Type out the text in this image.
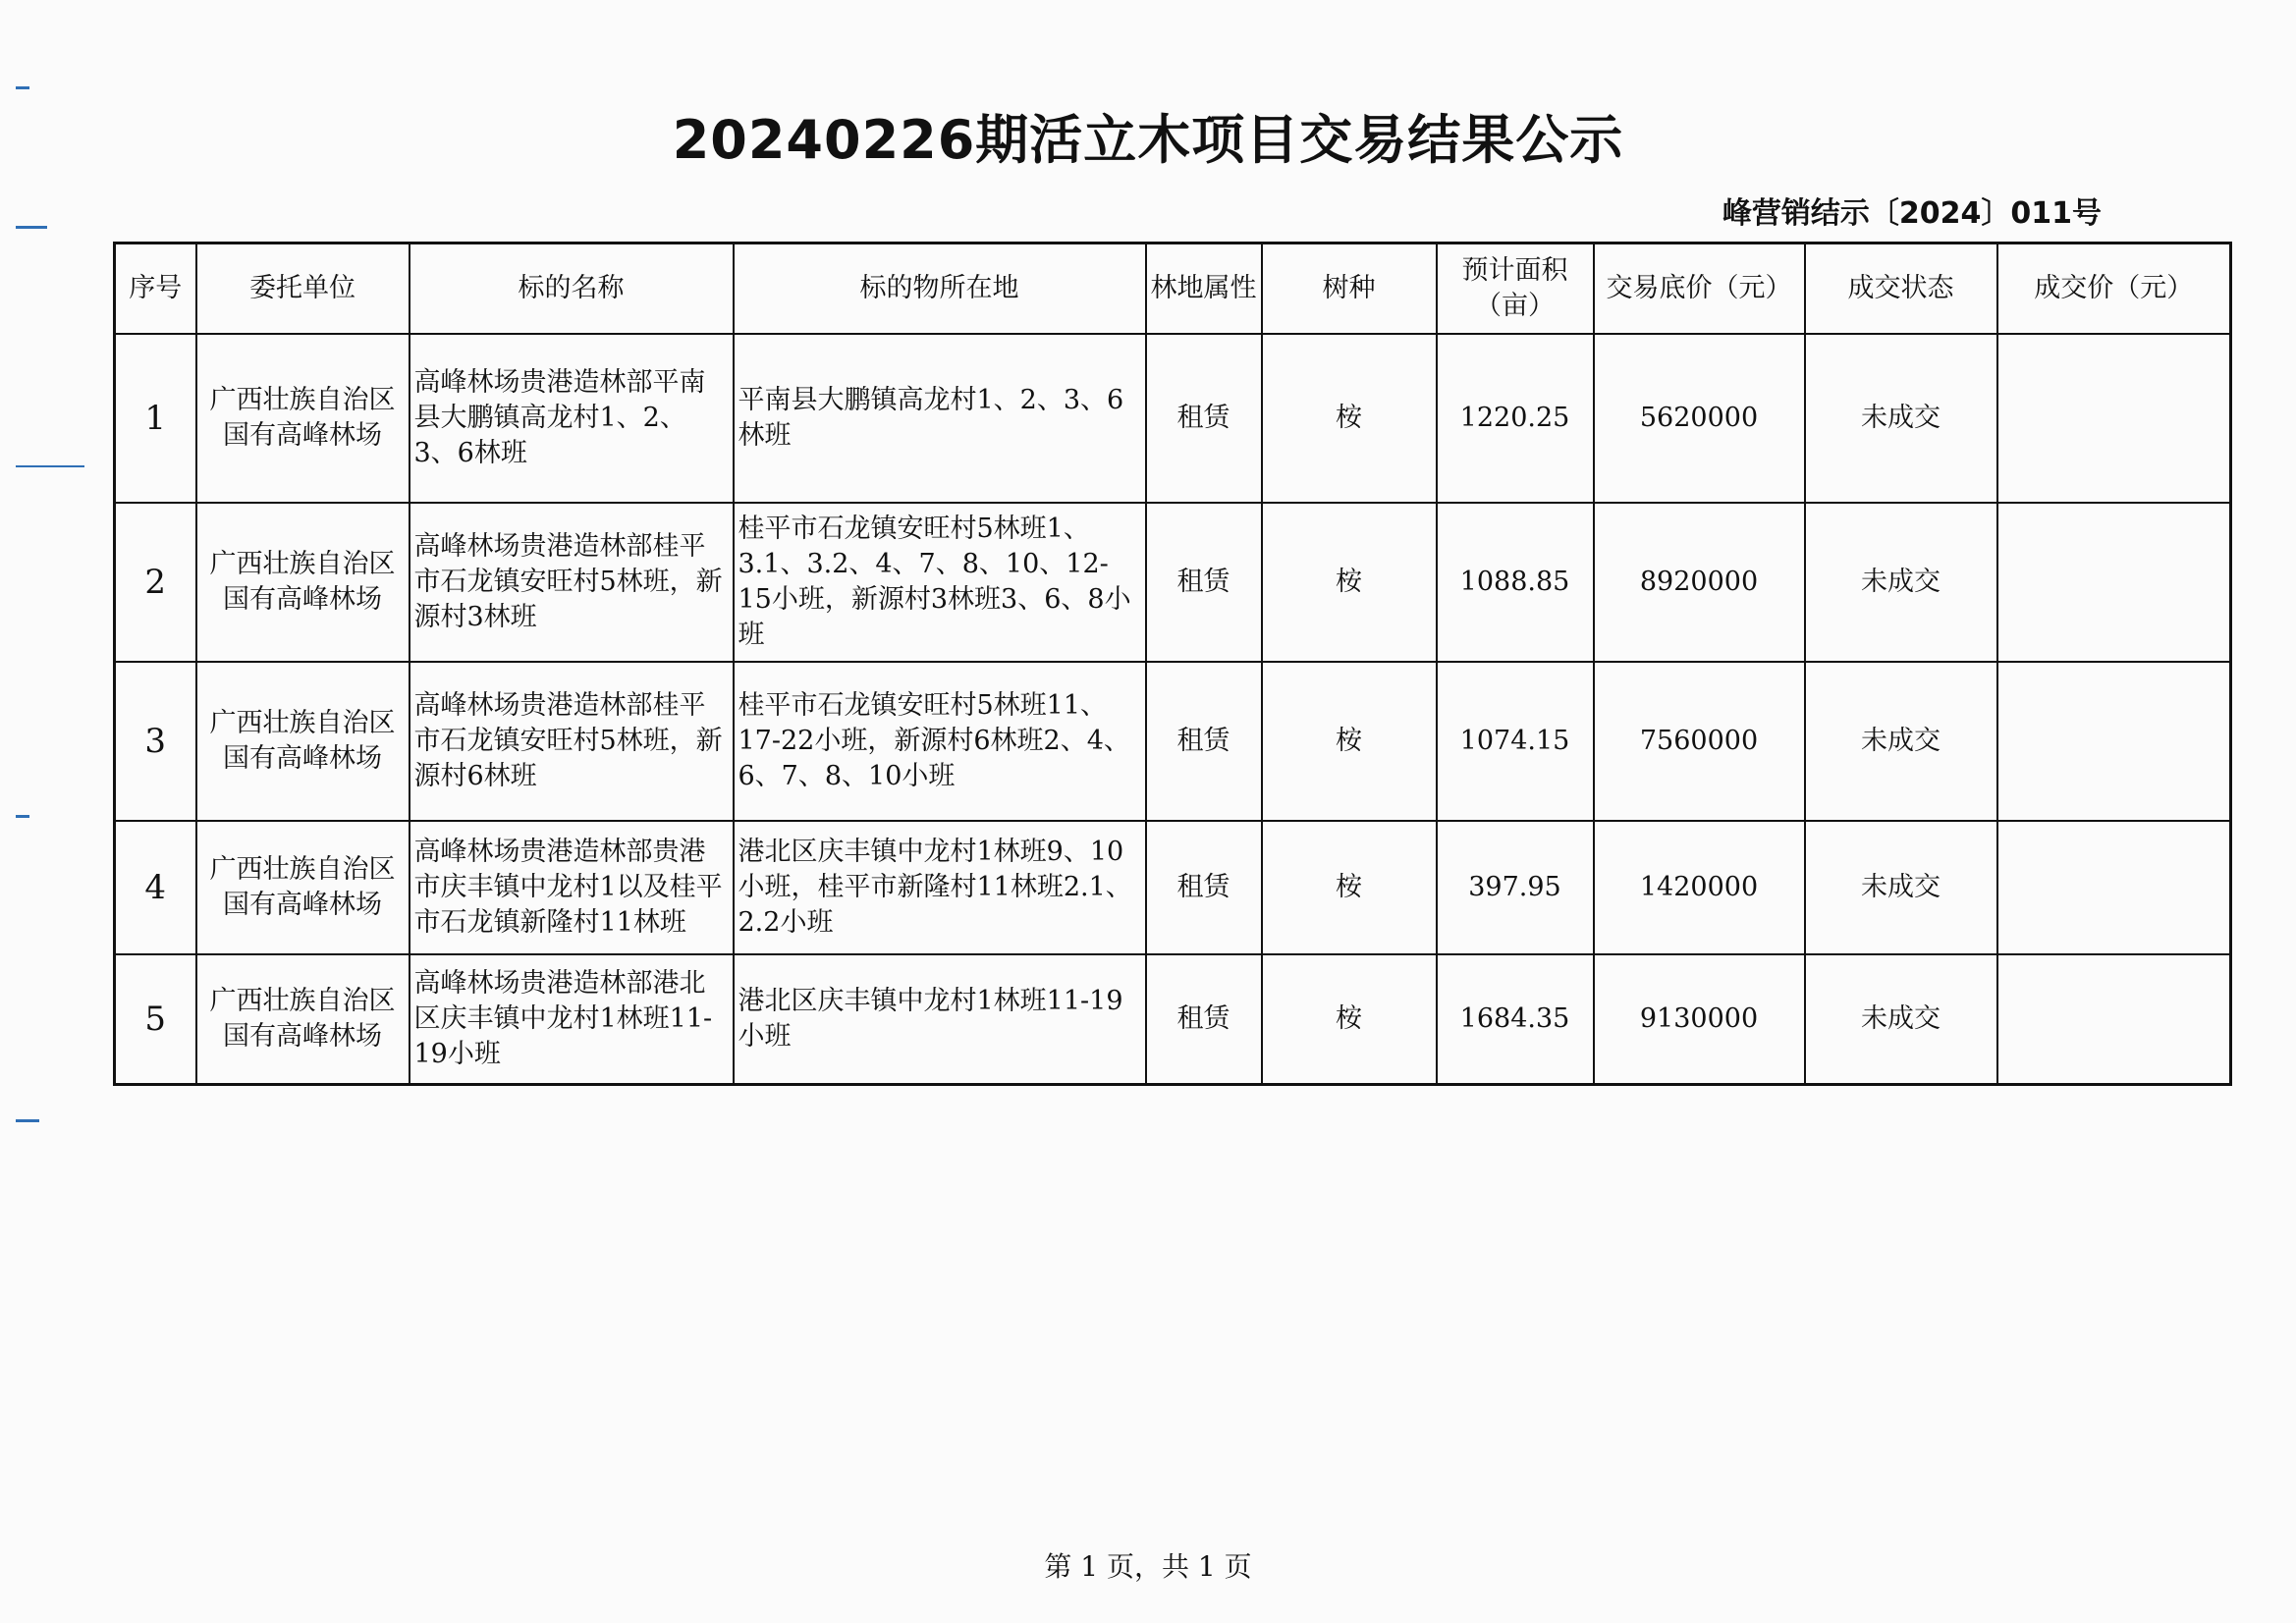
20240226期活立木项目交易结果公示
峰营销结示〔2024〕011号
序号	委托单位	标的名称	标的物所在地	林地属性	树种	预计面积（亩）	交易底价（元）	成交状态	成交价（元）
1	广西壮族自治区国有高峰林场	高峰林场贵港造林部平南县大鹏镇高龙村1、2、3、6林班	平南县大鹏镇高龙村1、2、3、6林班	租赁	桉	1220.25	5620000	未成交	
2	广西壮族自治区国有高峰林场	高峰林场贵港造林部桂平市石龙镇安旺村5林班，新源村3林班	桂平市石龙镇安旺村5林班1、3.1、3.2、4、7、8、10、12-15小班，新源村3林班3、6、8小班	租赁	桉	1088.85	8920000	未成交	
3	广西壮族自治区国有高峰林场	高峰林场贵港造林部桂平市石龙镇安旺村5林班，新源村6林班	桂平市石龙镇安旺村5林班11、17-22小班，新源村6林班2、4、6、7、8、10小班	租赁	桉	1074.15	7560000	未成交	
4	广西壮族自治区国有高峰林场	高峰林场贵港造林部贵港市庆丰镇中龙村1以及桂平市石龙镇新隆村11林班	港北区庆丰镇中龙村1林班9、10小班，桂平市新隆村11林班2.1、2.2小班	租赁	桉	397.95	1420000	未成交	
5	广西壮族自治区国有高峰林场	高峰林场贵港造林部港北区庆丰镇中龙村1林班11-19小班	港北区庆丰镇中龙村1林班11-19小班	租赁	桉	1684.35	9130000	未成交	
第 1 页，共 1 页
